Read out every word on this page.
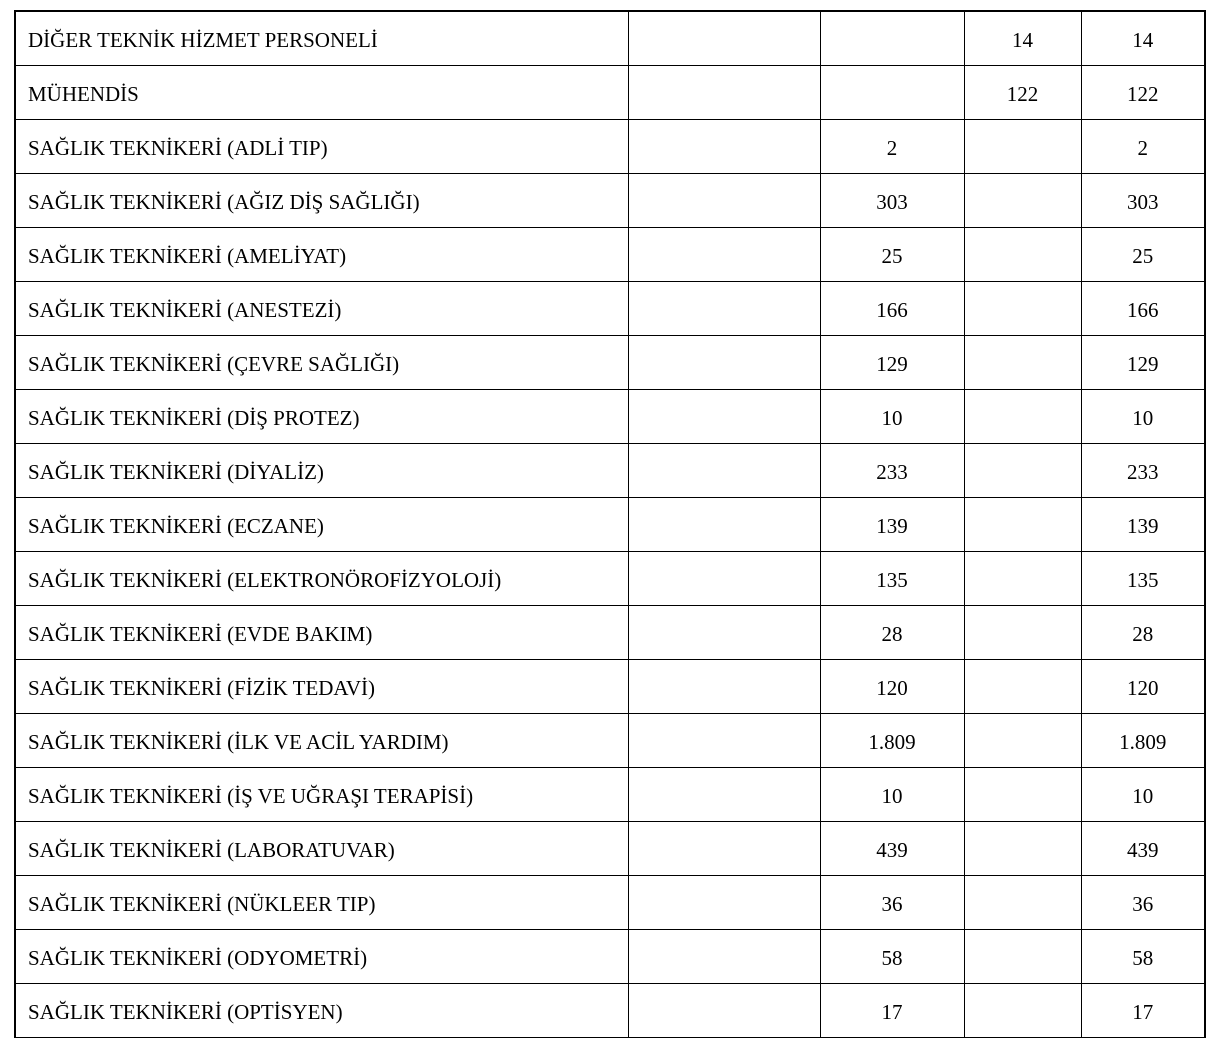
DİĞER TEKNİK HİZMET PERSONELİ			14	14
MÜHENDİS			122	122
SAĞLIK TEKNİKERİ (ADLİ TIP)		2		2
SAĞLIK TEKNİKERİ (AĞIZ DİŞ SAĞLIĞI)		303		303
SAĞLIK TEKNİKERİ (AMELİYAT)		25		25
SAĞLIK TEKNİKERİ (ANESTEZİ)		166		166
SAĞLIK TEKNİKERİ (ÇEVRE SAĞLIĞI)		129		129
SAĞLIK TEKNİKERİ (DİŞ PROTEZ)		10		10
SAĞLIK TEKNİKERİ (DİYALİZ)		233		233
SAĞLIK TEKNİKERİ (ECZANE)		139		139
SAĞLIK TEKNİKERİ (ELEKTRONÖROFİZYOLOJİ)		135		135
SAĞLIK TEKNİKERİ (EVDE BAKIM)		28		28
SAĞLIK TEKNİKERİ (FİZİK TEDAVİ)		120		120
SAĞLIK TEKNİKERİ (İLK VE ACİL YARDIM)		1.809		1.809
SAĞLIK TEKNİKERİ (İŞ VE UĞRAŞI TERAPİSİ)		10		10
SAĞLIK TEKNİKERİ (LABORATUVAR)		439		439
SAĞLIK TEKNİKERİ (NÜKLEER TIP)		36		36
SAĞLIK TEKNİKERİ (ODYOMETRİ)		58		58
SAĞLIK TEKNİKERİ (OPTİSYEN)		17		17
